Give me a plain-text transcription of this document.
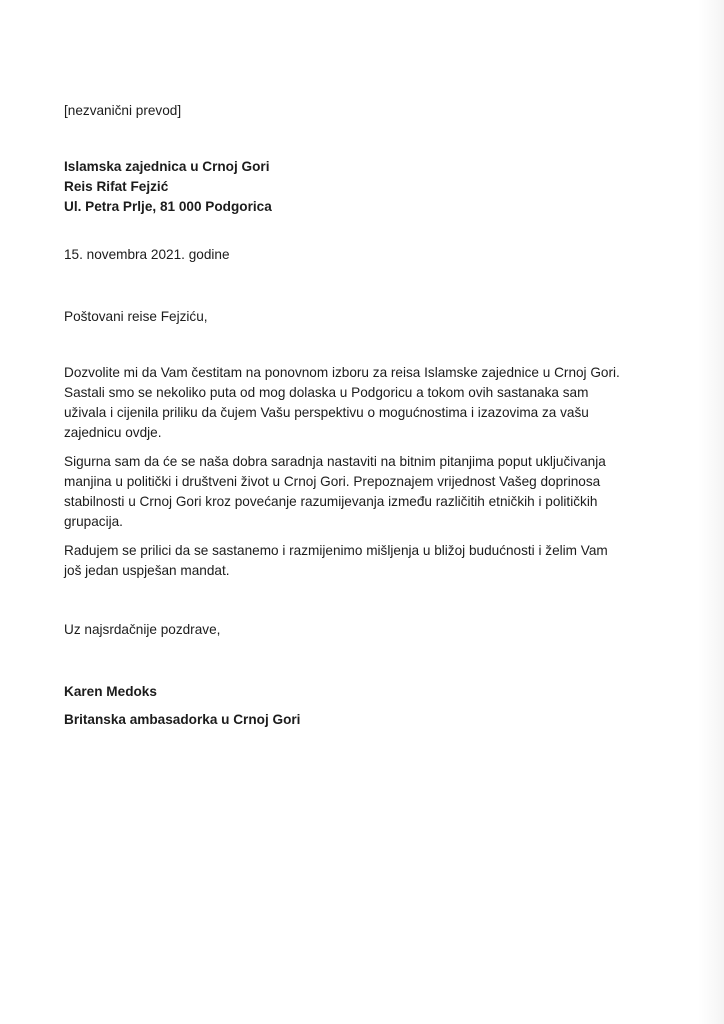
[nezvanični prevod]
Islamska zajednica u Crnoj Gori
Reis Rifat Fejzić
Ul. Petra Prlje, 81 000 Podgorica
15. novembra 2021. godine
Poštovani reise Fejziću,
Dozvolite mi da Vam čestitam na ponovnom izboru za reisa Islamske zajednice u Crnoj Gori.
Sastali smo se nekoliko puta od mog dolaska u Podgoricu a tokom ovih sastanaka sam
uživala i cijenila priliku da čujem Vašu perspektivu o mogućnostima i izazovima za vašu
zajednicu ovdje.
Sigurna sam da će se naša dobra saradnja nastaviti na bitnim pitanjima poput uključivanja
manjina u politički i društveni život u Crnoj Gori. Prepoznajem vrijednost Vašeg doprinosa
stabilnosti u Crnoj Gori kroz povećanje razumijevanja između različitih etničkih i političkih
grupacija.
Radujem se prilici da se sastanemo i razmijenimo mišljenja u bližoj budućnosti i želim Vam
još jedan uspješan mandat.
Uz najsrdačnije pozdrave,
Karen Medoks
Britanska ambasadorka u Crnoj Gori
